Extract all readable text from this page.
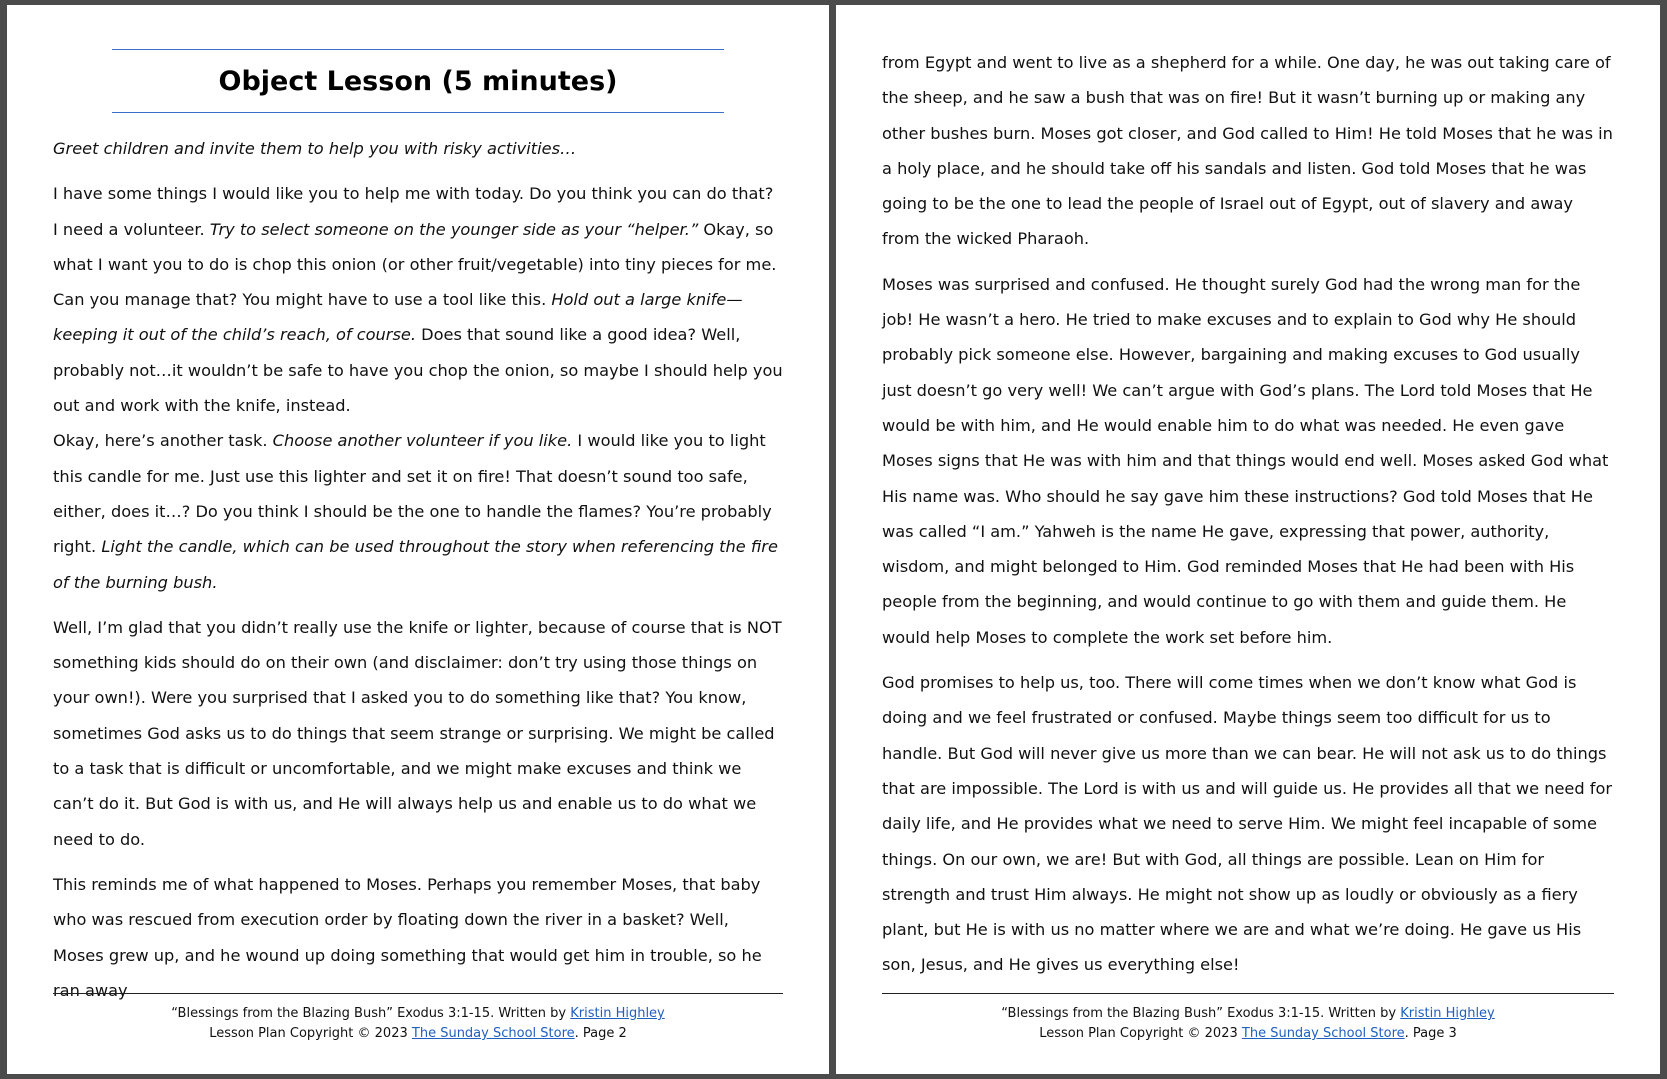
Object Lesson (5 minutes)

Greet children and invite them to help you with risky activities…

I have some things I would like you to help me with today. Do you think you can do that? I need a volunteer. Try to select someone on the younger side as your “helper.” Okay, so what I want you to do is chop this onion (or other fruit/vegetable) into tiny pieces for me. Can you manage that? You might have to use a tool like this. Hold out a large knife—keeping it out of the child’s reach, of course. Does that sound like a good idea? Well, probably not…it wouldn’t be safe to have you chop the onion, so maybe I should help you out and work with the knife, instead.

Okay, here’s another task. Choose another volunteer if you like. I would like you to light this candle for me. Just use this lighter and set it on fire! That doesn’t sound too safe, either, does it…? Do you think I should be the one to handle the flames? You’re probably right. Light the candle, which can be used throughout the story when referencing the fire of the burning bush.

Well, I’m glad that you didn’t really use the knife or lighter, because of course that is NOT something kids should do on their own (and disclaimer: don’t try using those things on your own!). Were you surprised that I asked you to do something like that? You know, sometimes God asks us to do things that seem strange or surprising. We might be called to a task that is difficult or uncomfortable, and we might make excuses and think we can’t do it. But God is with us, and He will always help us and enable us to do what we need to do.

This reminds me of what happened to Moses. Perhaps you remember Moses, that baby who was rescued from execution order by floating down the river in a basket? Well, Moses grew up, and he wound up doing something that would get him in trouble, so he ran away

“Blessings from the Blazing Bush” Exodus 3:1-15. Written by Kristin Highley
Lesson Plan Copyright © 2023 The Sunday School Store. Page 2

from Egypt and went to live as a shepherd for a while. One day, he was out taking care of the sheep, and he saw a bush that was on fire! But it wasn’t burning up or making any other bushes burn. Moses got closer, and God called to Him! He told Moses that he was in a holy place, and he should take off his sandals and listen. God told Moses that he was going to be the one to lead the people of Israel out of Egypt, out of slavery and away from the wicked Pharaoh.

Moses was surprised and confused. He thought surely God had the wrong man for the job! He wasn’t a hero. He tried to make excuses and to explain to God why He should probably pick someone else. However, bargaining and making excuses to God usually just doesn’t go very well! We can’t argue with God’s plans. The Lord told Moses that He would be with him, and He would enable him to do what was needed. He even gave Moses signs that He was with him and that things would end well. Moses asked God what His name was. Who should he say gave him these instructions? God told Moses that He was called “I am.” Yahweh is the name He gave, expressing that power, authority, wisdom, and might belonged to Him. God reminded Moses that He had been with His people from the beginning, and would continue to go with them and guide them. He would help Moses to complete the work set before him.

God promises to help us, too. There will come times when we don’t know what God is doing and we feel frustrated or confused. Maybe things seem too difficult for us to handle. But God will never give us more than we can bear. He will not ask us to do things that are impossible. The Lord is with us and will guide us. He provides all that we need for daily life, and He provides what we need to serve Him. We might feel incapable of some things. On our own, we are! But with God, all things are possible. Lean on Him for strength and trust Him always. He might not show up as loudly or obviously as a fiery plant, but He is with us no matter where we are and what we’re doing. He gave us His son, Jesus, and He gives us everything else!

“Blessings from the Blazing Bush” Exodus 3:1-15. Written by Kristin Highley
Lesson Plan Copyright © 2023 The Sunday School Store. Page 3
